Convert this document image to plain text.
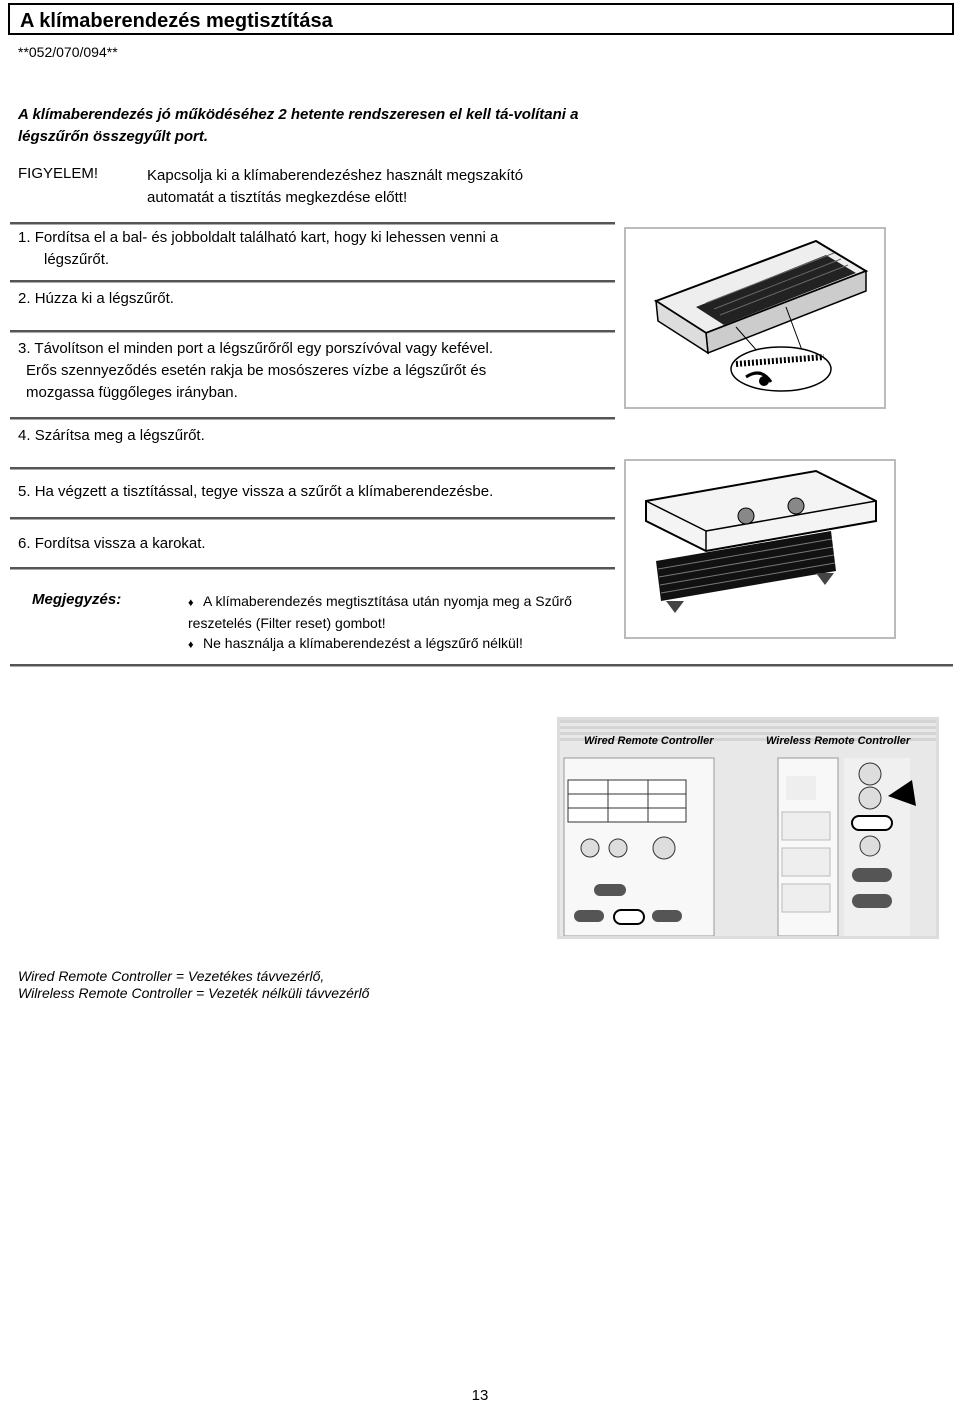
A klímaberendezés megtisztítása
**052/070/094**
A klímaberendezés jó működéséhez 2 hetente rendszeresen el kell tá-volítani a légszűrőn összegyűlt port.
FIGYELEM!	Kapcsolja ki a klímaberendezéshez használt megszakító automatát a tisztítás megkezdése előtt!
1. Fordítsa el a bal- és jobboldalt található kart, hogy ki lehessen venni a
légszűrőt.
2. Húzza ki a légszűrőt.
3. Távolítson el minden port a légszűrőről egy porszívóval vagy kefével.
Erős szennyeződés esetén rakja be mosószeres vízbe a légszűrőt és
mozgassa függőleges irányban.
4. Szárítsa meg a légszűrőt.
5. Ha végzett a tisztítással, tegye vissza a szűrőt a klímaberendezésbe.
6. Fordítsa vissza a karokat.
Megjegyzés:	♦ A klímaberendezés megtisztítása után nyomja meg a Szűrő reszetelés (Filter reset) gombot!
♦ Ne használja a klímaberendezést a légszűrő nélkül!
Wired Remote Controller	Wireless Remote Controller
Wired Remote Controller = Vezetékes távvezérlő,
Wilreless Remote Controller = Vezeték nélküli távvezérlő
13
